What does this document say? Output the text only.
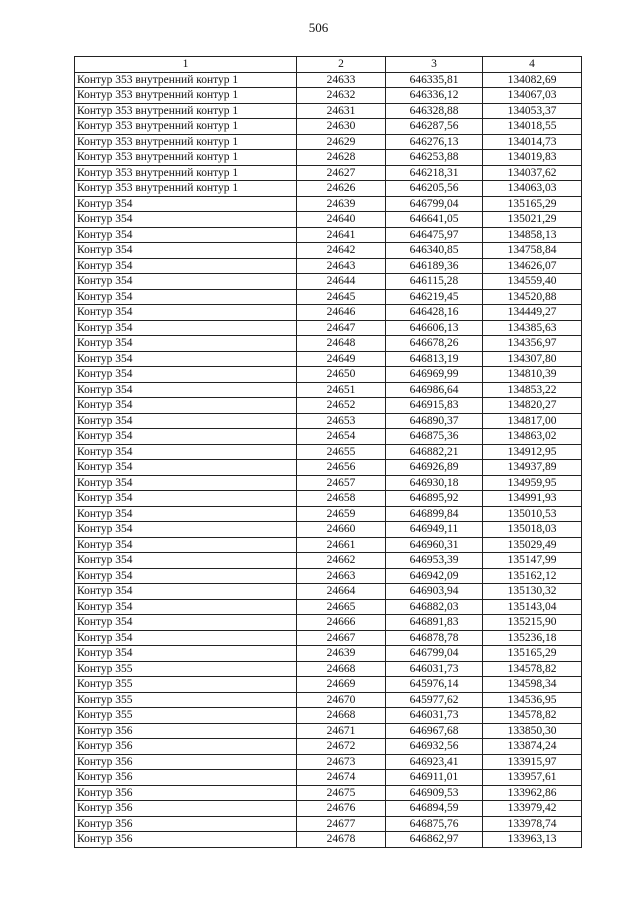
506
1	2	3	4
Контур 353 внутренний контур 1	24633	646335,81	134082,69
Контур 353 внутренний контур 1	24632	646336,12	134067,03
Контур 353 внутренний контур 1	24631	646328,88	134053,37
Контур 353 внутренний контур 1	24630	646287,56	134018,55
Контур 353 внутренний контур 1	24629	646276,13	134014,73
Контур 353 внутренний контур 1	24628	646253,88	134019,83
Контур 353 внутренний контур 1	24627	646218,31	134037,62
Контур 353 внутренний контур 1	24626	646205,56	134063,03
Контур 354	24639	646799,04	135165,29
Контур 354	24640	646641,05	135021,29
Контур 354	24641	646475,97	134858,13
Контур 354	24642	646340,85	134758,84
Контур 354	24643	646189,36	134626,07
Контур 354	24644	646115,28	134559,40
Контур 354	24645	646219,45	134520,88
Контур 354	24646	646428,16	134449,27
Контур 354	24647	646606,13	134385,63
Контур 354	24648	646678,26	134356,97
Контур 354	24649	646813,19	134307,80
Контур 354	24650	646969,99	134810,39
Контур 354	24651	646986,64	134853,22
Контур 354	24652	646915,83	134820,27
Контур 354	24653	646890,37	134817,00
Контур 354	24654	646875,36	134863,02
Контур 354	24655	646882,21	134912,95
Контур 354	24656	646926,89	134937,89
Контур 354	24657	646930,18	134959,95
Контур 354	24658	646895,92	134991,93
Контур 354	24659	646899,84	135010,53
Контур 354	24660	646949,11	135018,03
Контур 354	24661	646960,31	135029,49
Контур 354	24662	646953,39	135147,99
Контур 354	24663	646942,09	135162,12
Контур 354	24664	646903,94	135130,32
Контур 354	24665	646882,03	135143,04
Контур 354	24666	646891,83	135215,90
Контур 354	24667	646878,78	135236,18
Контур 354	24639	646799,04	135165,29
Контур 355	24668	646031,73	134578,82
Контур 355	24669	645976,14	134598,34
Контур 355	24670	645977,62	134536,95
Контур 355	24668	646031,73	134578,82
Контур 356	24671	646967,68	133850,30
Контур 356	24672	646932,56	133874,24
Контур 356	24673	646923,41	133915,97
Контур 356	24674	646911,01	133957,61
Контур 356	24675	646909,53	133962,86
Контур 356	24676	646894,59	133979,42
Контур 356	24677	646875,76	133978,74
Контур 356	24678	646862,97	133963,13
